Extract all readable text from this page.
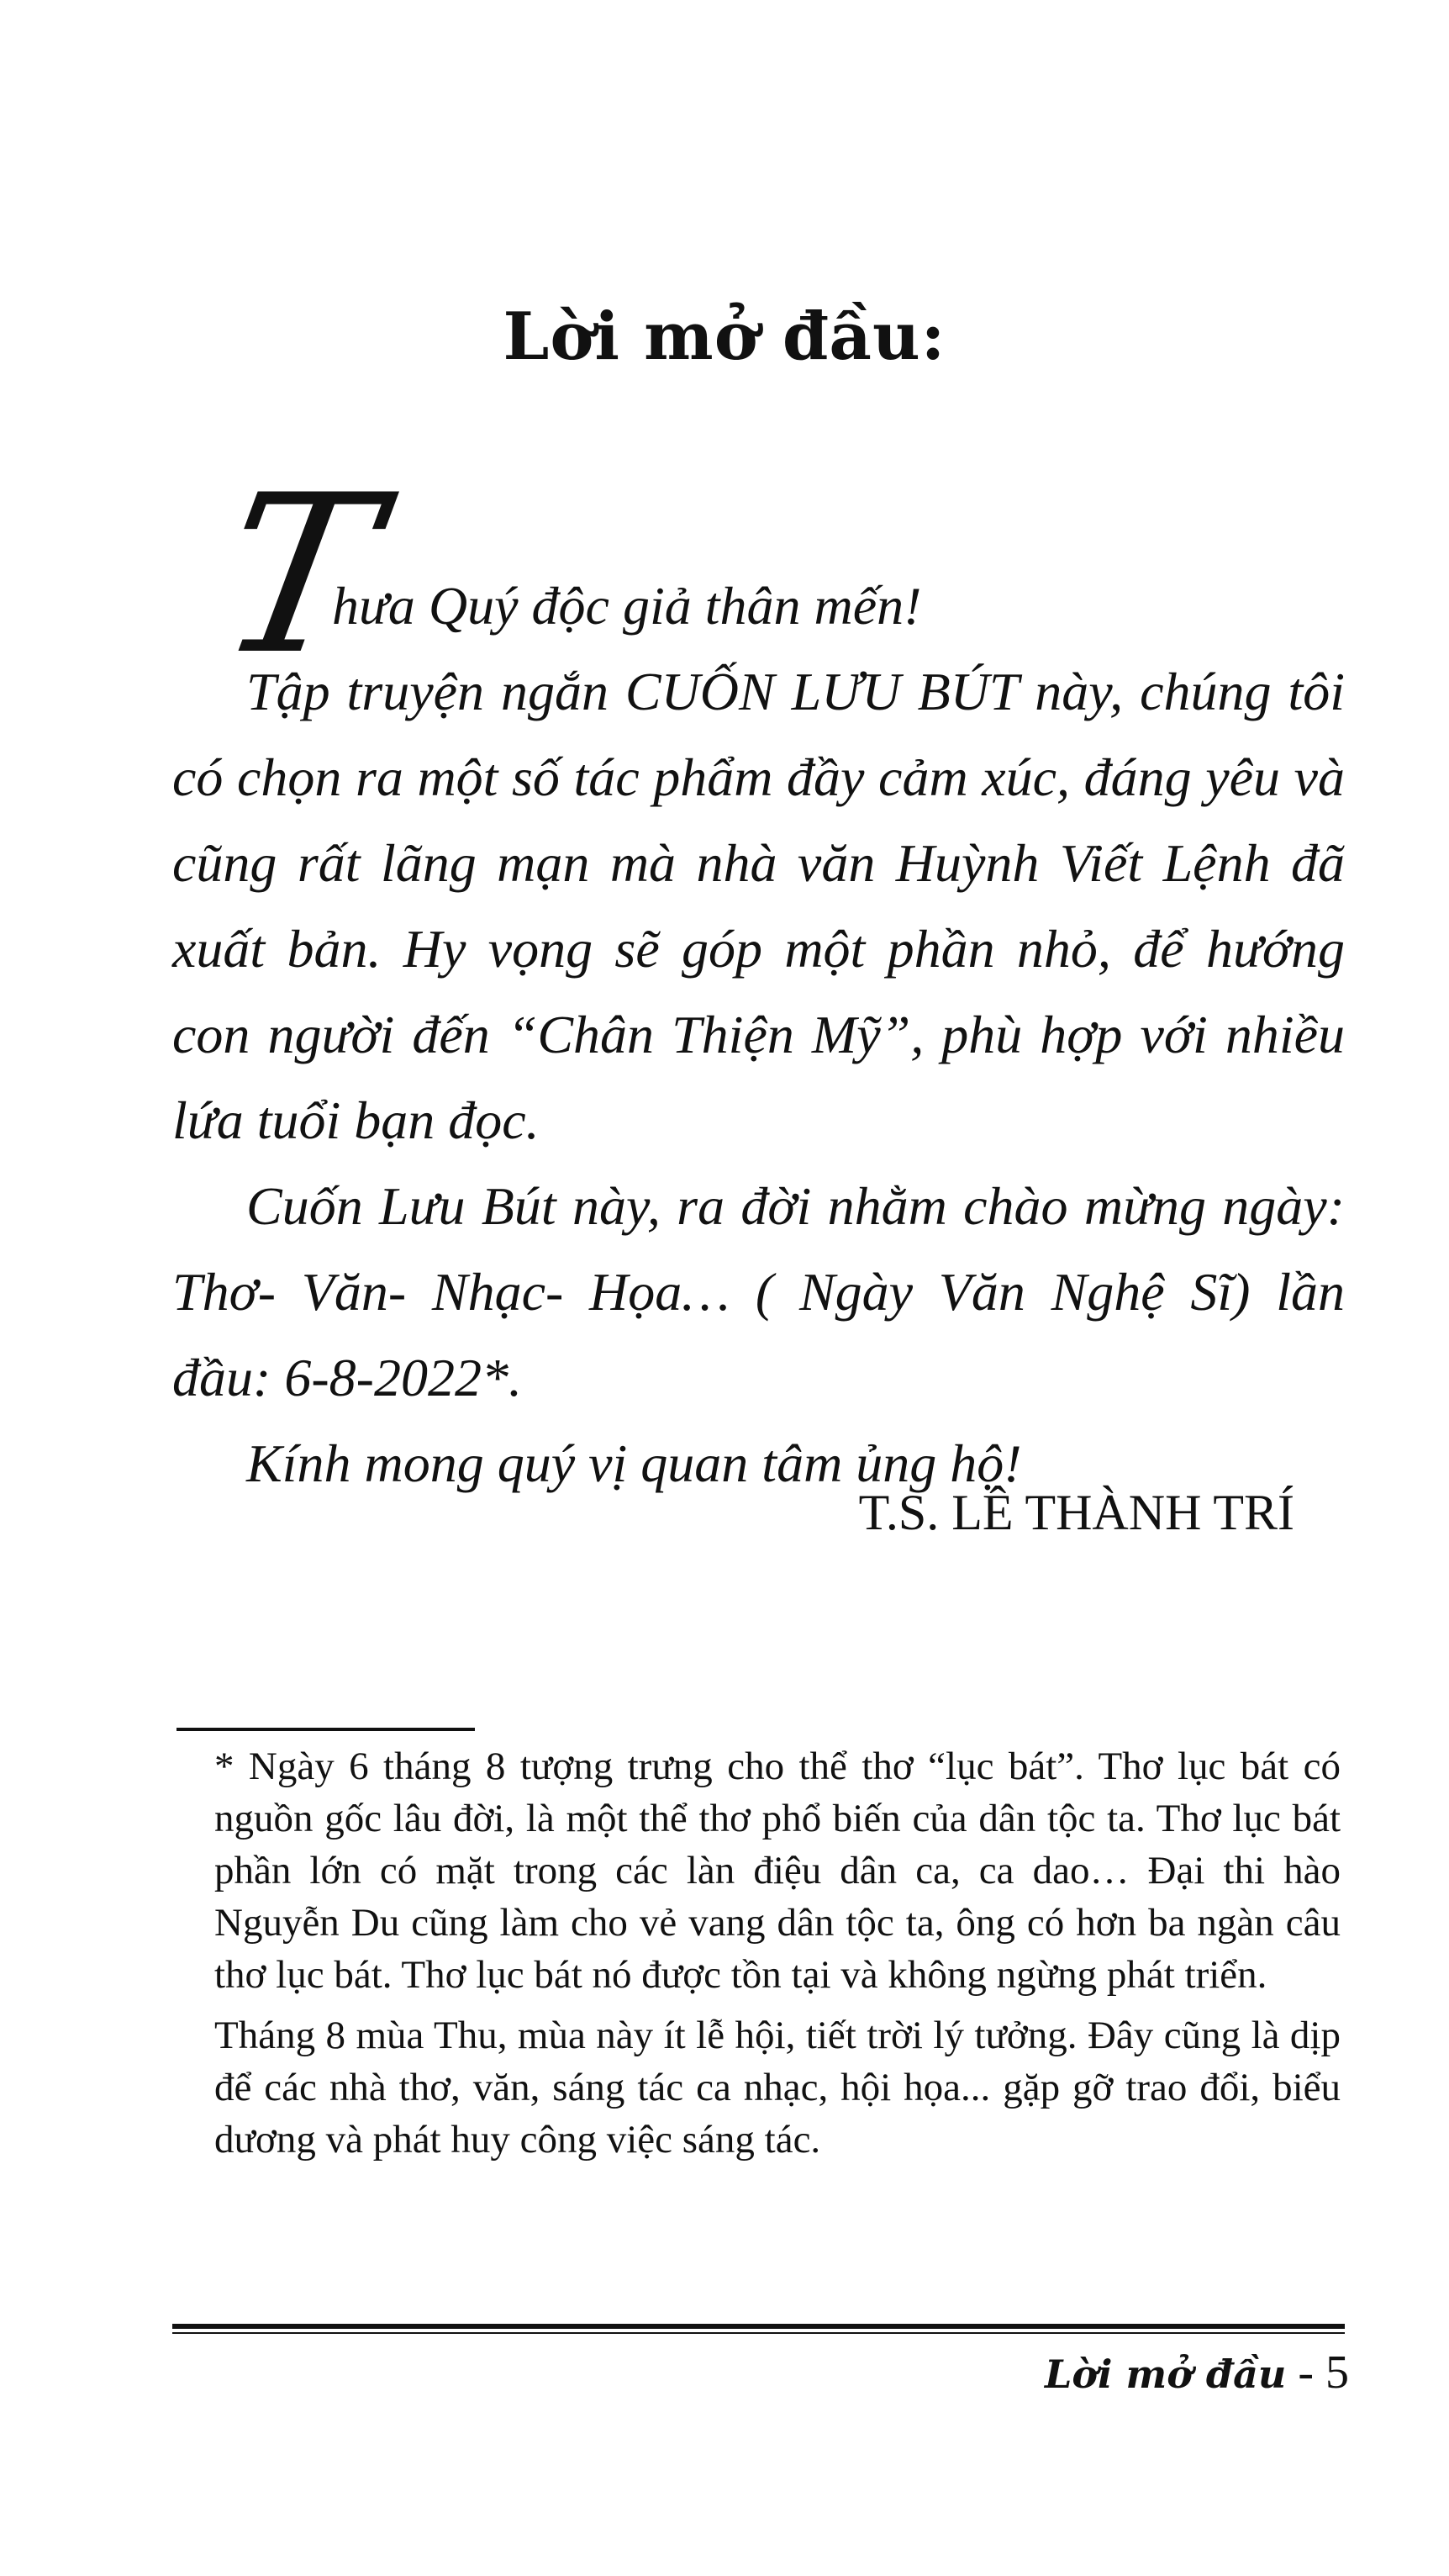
Lời mở đầu:
T

hưa Quý độc giả thân mến!

Tập truyện ngắn CUỐN LƯU BÚT này, chúng tôi có chọn ra một số tác phẩm đầy cảm xúc, đáng yêu và cũng rất lãng mạn mà nhà văn Huỳnh Viết Lệnh đã xuất bản. Hy vọng sẽ góp một phần nhỏ, để hướng con người đến “Chân Thiện Mỹ”, phù hợp với nhiều lứa tuổi bạn đọc.

Cuốn Lưu Bút này, ra đời nhằm chào mừng ngày: Thơ- Văn- Nhạc- Họa… ( Ngày Văn Nghệ Sĩ) lần đầu: 6-8-2022*.

Kính mong quý vị quan tâm ủng hộ!

T.S. LÊ THÀNH TRÍ

* Ngày 6 tháng 8 tượng trưng cho thể thơ “lục bát”. Thơ lục bát có nguồn gốc lâu đời, là một thể thơ phổ biến của dân tộc ta. Thơ lục bát phần lớn có mặt trong các làn điệu dân ca, ca dao… Đại thi hào Nguyễn Du cũng làm cho vẻ vang dân tộc ta, ông có hơn ba ngàn câu thơ lục bát. Thơ lục bát nó được tồn tại và không ngừng phát triển.

Tháng 8 mùa Thu, mùa này ít lễ hội, tiết trời lý tưởng. Đây cũng là dịp để các nhà thơ, văn, sáng tác ca nhạc, hội họa... gặp gỡ trao đổi, biểu dương và phát huy công việc sáng tác.

Lời mở đầu - 5
